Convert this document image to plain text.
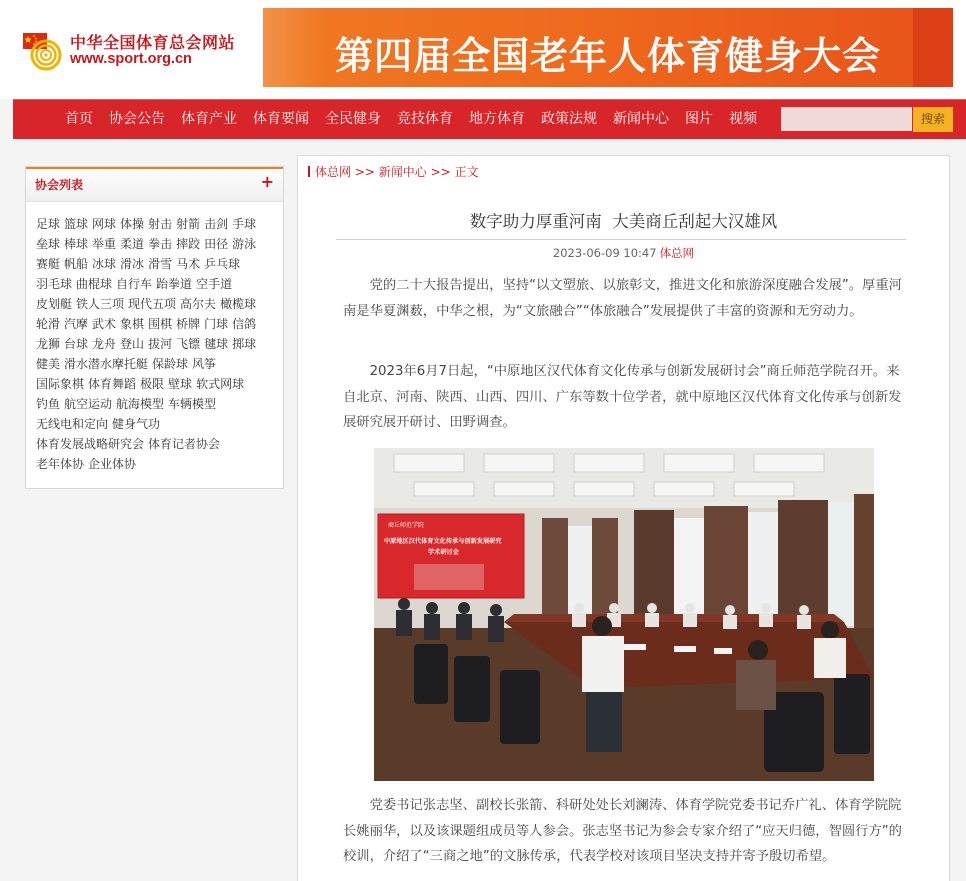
中华全国体育总会网站
www.sport.org.cn	第四届全国老年人体育健身大会
首页	协会公告	体育产业	体育要闻	全民健身	竞技体育	地方体育	政策法规	新闻中心	图片	视频	搜索
协会列表	+
足球 篮球 网球 体操 射击 射箭 击剑 手球
垒球 棒球 举重 柔道 拳击 摔跤 田径 游泳
赛艇 帆船 冰球 滑冰 滑雪 马术 乒乓球
羽毛球 曲棍球 自行车 跆拳道 空手道
皮划艇 铁人三项 现代五项 高尔夫 橄榄球
轮滑 汽摩 武术 象棋 围棋 桥牌 门球 信鸽
龙狮 台球 龙舟 登山 拔河 飞镖 毽球 掷球
健美 滑水潜水摩托艇 保龄球 风筝
国际象棋 体育舞蹈 极限 壁球 软式网球
钓鱼 航空运动 航海模型 车辆模型
无线电和定向 健身气功
体育发展战略研究会 体育记者协会
老年体协 企业体协
体总网 >> 新闻中心 >> 正文
数字助力厚重河南  大美商丘刮起大汉雄风
2023-06-09 10:47 体总网
党的二十大报告提出，坚持“以文塑旅、以旅彰文，推进文化和旅游深度融合发展”。厚重河南是华夏渊薮，中华之根，为“文旅融合”“体旅融合”发展提供了丰富的资源和无穷动力。
2023年6月7日起，“中原地区汉代体育文化传承与创新发展研讨会”商丘师范学院召开。来自北京、河南、陕西、山西、四川、广东等数十位学者，就中原地区汉代体育文化传承与创新发展研究展开研讨、田野调查。
商丘师范学院
中原地区汉代体育文化传承与创新发展研究
学术研讨会
党委书记张志坚、副校长张箭、科研处处长刘澜涛、体育学院党委书记乔广礼、体育学院院长姚丽华，以及该课题组成员等人参会。张志坚书记为参会专家介绍了“应天归德，智圆行方”的校训，介绍了“三商之地”的文脉传承，代表学校对该项目坚决支持并寄予殷切希望。
